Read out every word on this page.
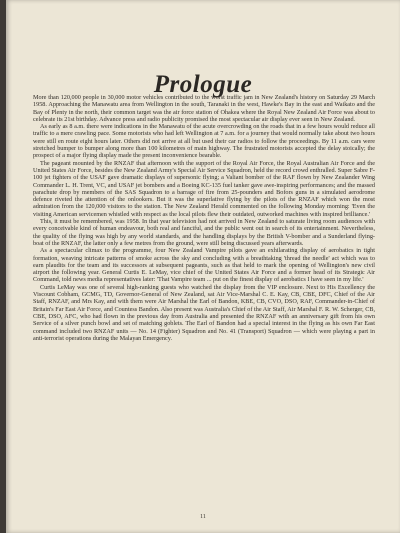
Prologue

More than 120,000 people in 30,000 motor vehicles contributed to the worst traffic jam in New Zealand's history on Saturday 29 March 1958. Approaching the Manawatu area from Wellington in the south, Taranaki in the west, Hawke's Bay in the east and Waikato and the Bay of Plenty in the north, their common target was the air force station of Ohakea where the Royal New Zealand Air Force was about to celebrate its 21st birthday. Advance press and radio publicity promised the most spectacular air display ever seen in New Zealand.

As early as 8 a.m. there were indications in the Manawatu of the acute overcrowding on the roads that in a few hours would reduce all traffic to a mere crawling pace. Some motorists who had left Wellington at 7 a.m. for a journey that would normally take about two hours were still en route eight hours later. Others did not arrive at all but used their car radios to follow the proceedings. By 11 a.m. cars were stretched bumper to bumper along more than 100 kilometres of main highway. The frustrated motorists accepted the delay stoically; the prospect of a major flying display made the present inconvenience bearable.

The pageant mounted by the RNZAF that afternoon with the support of the Royal Air Force, the Royal Australian Air Force and the United States Air Force, besides the New Zealand Army's Special Air Service Squadron, held the record crowd enthralled. Super Sabre F-100 jet fighters of the USAF gave dramatic displays of supersonic flying; a Valiant bomber of the RAF flown by New Zealander Wing Commander L. H. Trent, VC, and USAF jet bombers and a Boeing KC-135 fuel tanker gave awe-inspiring performances; and the massed parachute drop by members of the SAS Squadron to a barrage of fire from 25-pounders and Bofors guns in a simulated aerodrome defence riveted the attention of the onlookers. But it was the superlative flying by the pilots of the RNZAF which won the most admiration from the 120,000 visitors to the station. The New Zealand Herald commented on the following Monday morning: 'Even the visiting American servicemen whistled with respect as the local pilots flew their outdated, outworked machines with inspired brilliance.'

This, it must be remembered, was 1958. In that year television had not arrived in New Zealand to saturate living room audiences with every conceivable kind of human endeavour, both real and fanciful, and the public went out in search of its entertainment. Nevertheless, the quality of the flying was high by any world standards, and the handling displays by the British V-bomber and a Sunderland flying-boat of the RNZAF, the latter only a few metres from the ground, were still being discussed years afterwards.

As a spectacular climax to the programme, four New Zealand Vampire pilots gave an exhilarating display of aerobatics in tight formation, weaving intricate patterns of smoke across the sky and concluding with a breathtaking 'thread the needle' act which was to earn plaudits for the team and its successors at subsequent pageants, such as that held to mark the opening of Wellington's new civil airport the following year. General Curtis E. LeMay, vice chief of the United States Air Force and a former head of its Strategic Air Command, told news media representatives later: 'That Vampire team ... put on the finest display of aerobatics I have seen in my life.'

Curtis LeMay was one of several high-ranking guests who watched the display from the VIP enclosure. Next to His Excellency the Viscount Cobham, GCMG, TD, Governor-General of New Zealand, sat Air Vice-Marshal C. E. Kay, CB, CBE, DFC, Chief of the Air Staff, RNZAF, and Mrs Kay, and with them were Air Marshal the Earl of Bandon, KBE, CB, CVO, DSO, RAF, Commander-in-Chief of Britain's Far East Air Force, and Countess Bandon. Also present was Australia's Chief of the Air Staff, Air Marshal F. R. W. Scherger, CB, CBE, DSO, AFC, who had flown in the previous day from Australia and presented the RNZAF with an anniversary gift from his own Service of a silver punch bowl and set of matching goblets. The Earl of Bandon had a special interest in the flying as his own Far East command included two RNZAF units — No. 14 (Fighter) Squadron and No. 41 (Transport) Squadron — which were playing a part in anti-terrorist operations during the Malayan Emergency.

11
